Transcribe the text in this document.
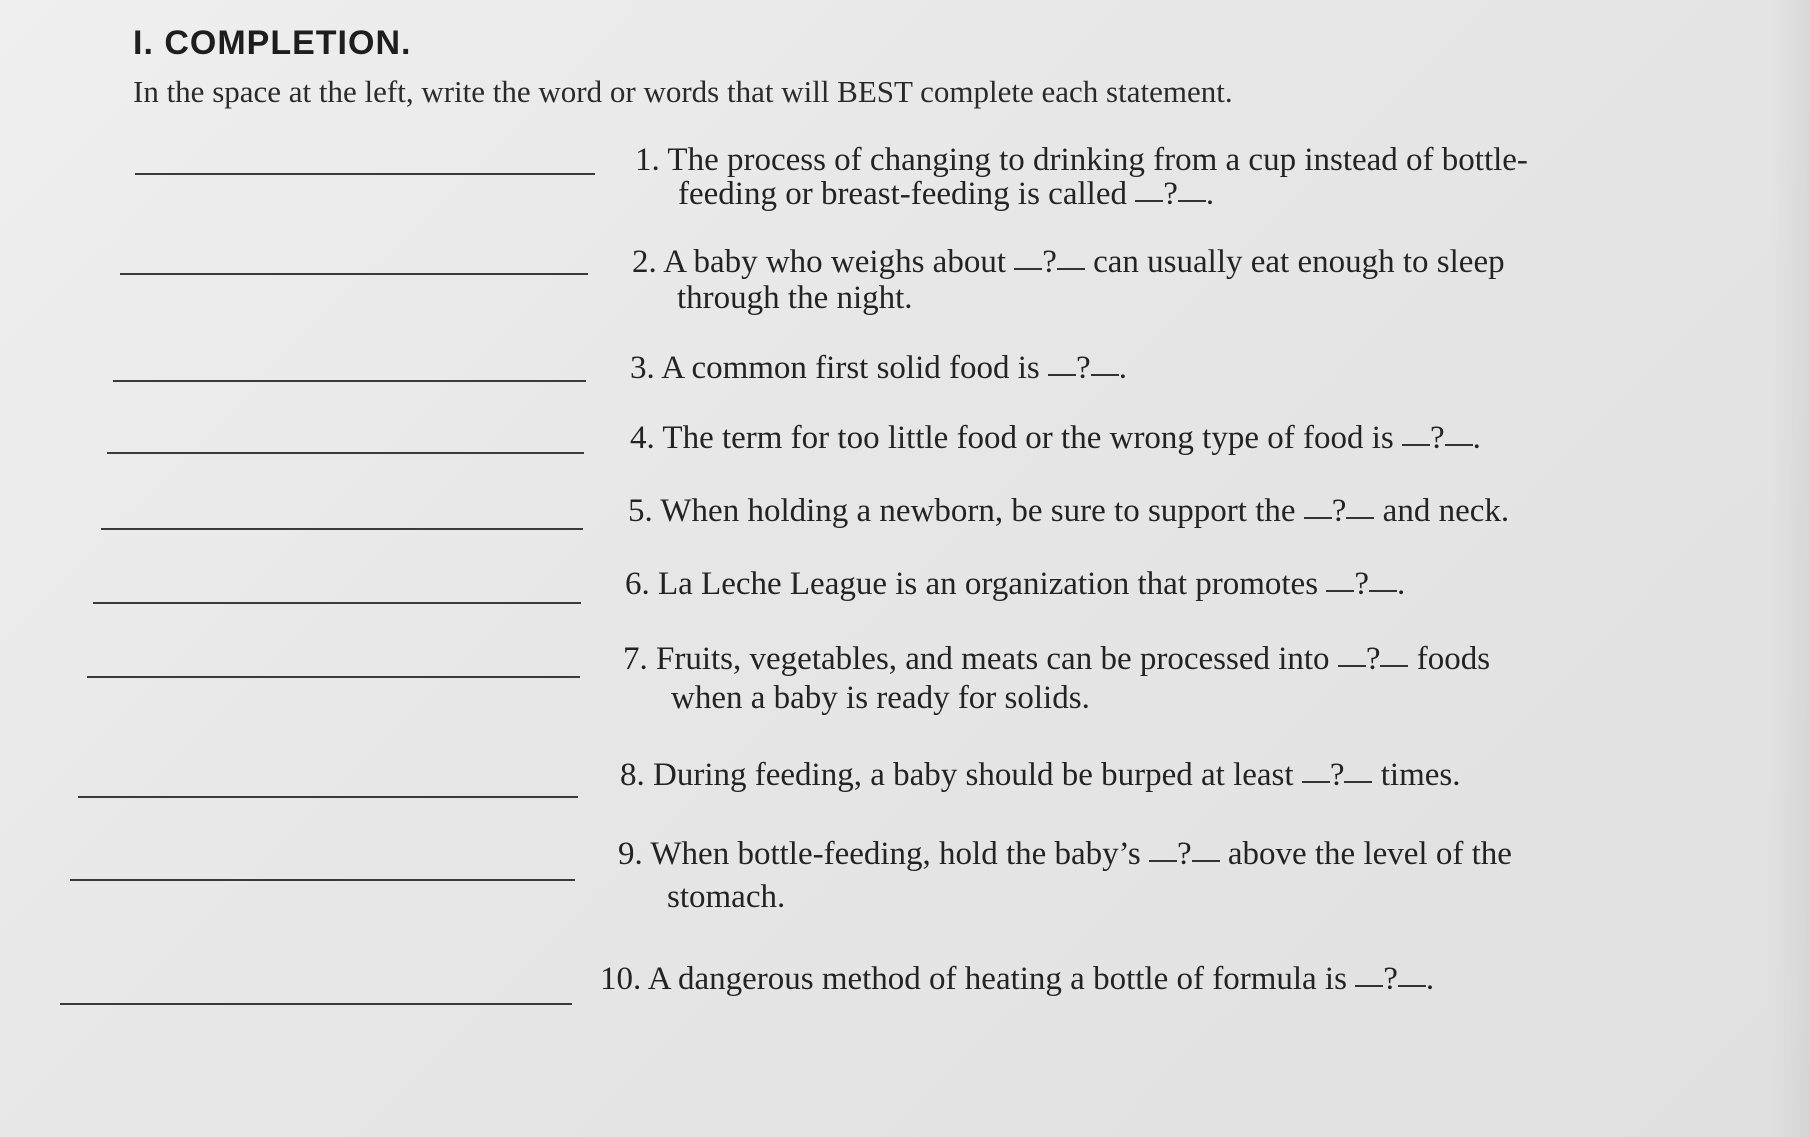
I. COMPLETION.
In the space at the left, write the word or words that will BEST complete each statement.
1. The process of changing to drinking from a cup instead of bottle-
feeding or breast-feeding is called ? .
2. A baby who weighs about ? can usually eat enough to sleep
through the night.
3. A common first solid food is ? .
4. The term for too little food or the wrong type of food is ? .
5. When holding a newborn, be sure to support the ? and neck.
6. La Leche League is an organization that promotes ? .
7. Fruits, vegetables, and meats can be processed into ? foods
when a baby is ready for solids.
8. During feeding, a baby should be burped at least ? times.
9. When bottle-feeding, hold the baby’s ? above the level of the
stomach.
10. A dangerous method of heating a bottle of formula is ? .
